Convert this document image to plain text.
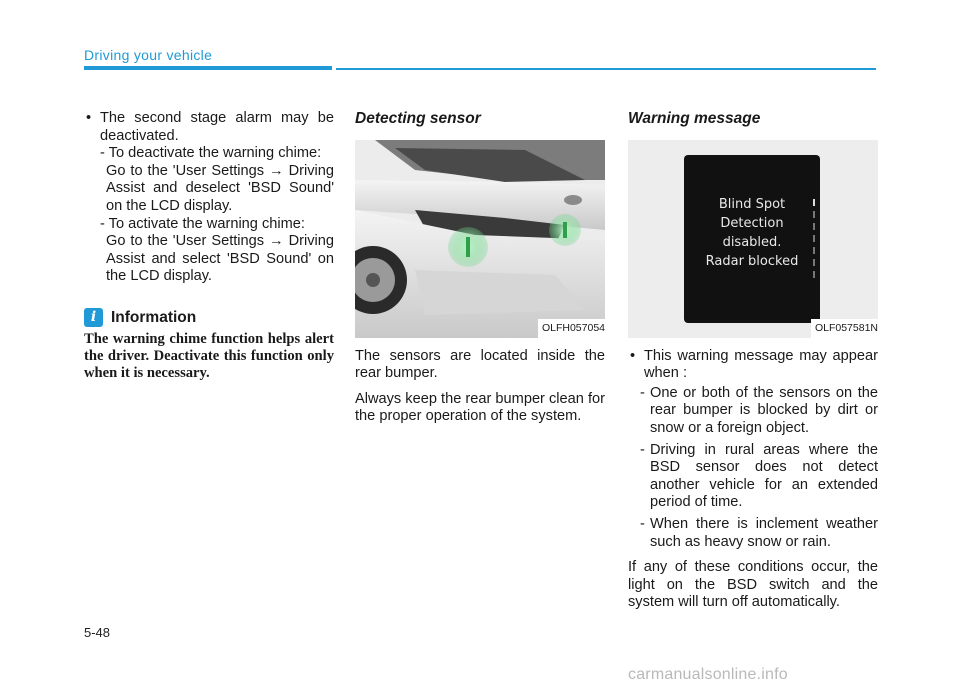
Driving your vehicle
• The second stage alarm may be deactivated.
- To deactivate the warning chime:
Go to the 'User Settings → Driving Assist and deselect 'BSD Sound' on the LCD display.
- To activate the warning chime:
Go to the 'User Settings → Driving Assist and select 'BSD Sound' on the LCD display.
i Information
The warning chime function helps alert the driver. Deactivate this function only when it is necessary.
Detecting sensor
OLFH057054
The sensors are located inside the rear bumper.
Always keep the rear bumper clean for the proper operation of the system.
Warning message
Blind Spot
Detection
disabled.
Radar blocked
OLF057581N
• This warning message may appear when :
- One or both of the sensors on the rear bumper is blocked by dirt or snow or a foreign object.
- Driving in rural areas where the BSD sensor does not detect another vehicle for an extended period of time.
- When there is inclement weather such as heavy snow or rain.
If any of these conditions occur, the light on the BSD switch and the system will turn off automatically.
5-48
carmanualsonline.info
